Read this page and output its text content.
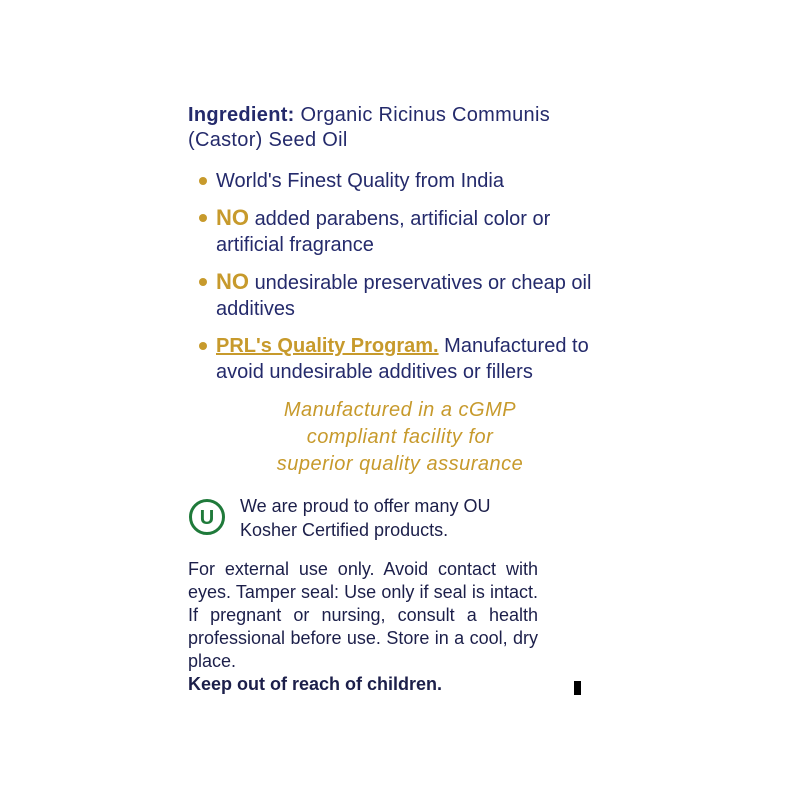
Ingredient: Organic Ricinus Communis (Castor) Seed Oil
World's Finest Quality from India
NO added parabens, artificial color or artificial fragrance
NO undesirable preservatives or cheap oil additives
PRL's Quality Program. Manufactured to avoid undesirable additives or fillers
Manufactured in a cGMP
compliant facility for
superior quality assurance
U
We are proud to offer many OU Kosher Certified products.
For external use only. Avoid contact with eyes. Tamper seal: Use only if seal is intact. If pregnant or nursing, consult a health professional before use. Store in a cool, dry place.
Keep out of reach of children.
